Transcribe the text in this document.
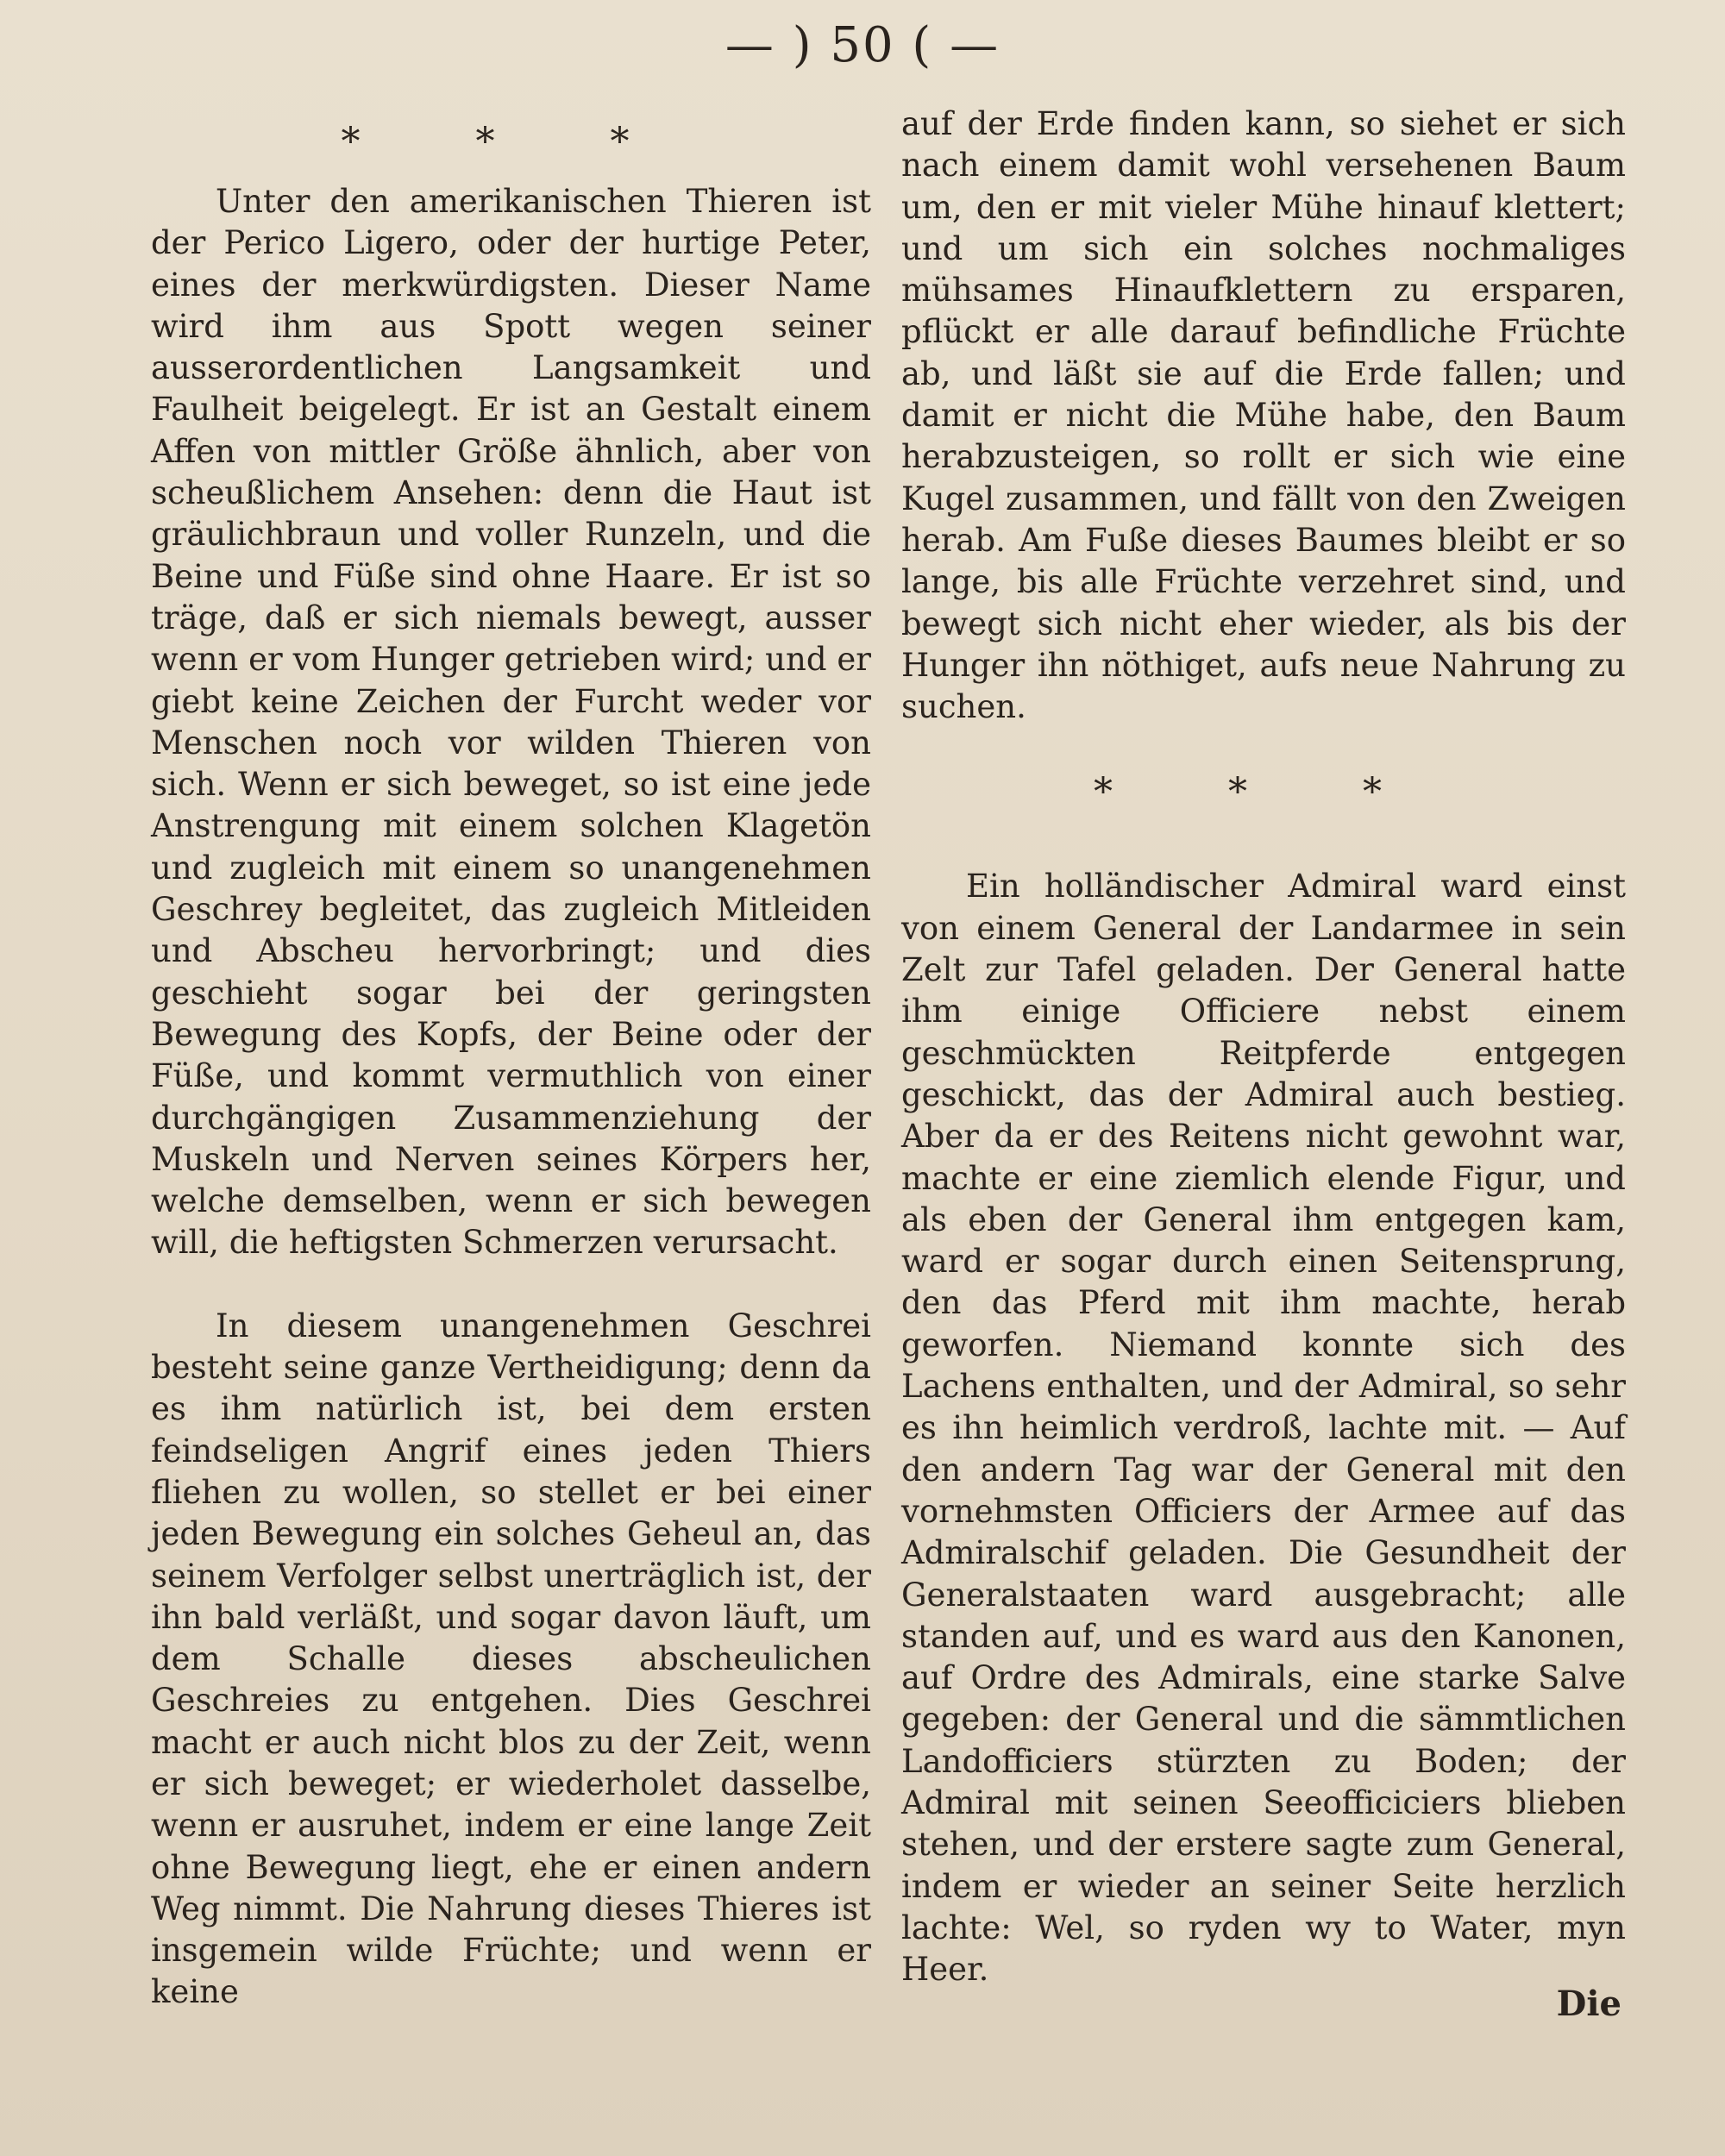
— ) 50 ( —
* * *

Unter den amerikanischen Thieren ist der Perico Ligero, oder der hurtige Peter, eines der merkwürdigsten. Dieser Name wird ihm aus Spott wegen seiner ausserordentlichen Langsamkeit und Faulheit beigelegt. Er ist an Gestalt einem Affen von mittler Größe ähnlich, aber von scheußlichem Ansehen: denn die Haut ist gräulichbraun und voller Runzeln, und die Beine und Füße sind ohne Haare. Er ist so träge, daß er sich niemals bewegt, ausser wenn er vom Hunger getrieben wird; und er giebt keine Zeichen der Furcht weder vor Menschen noch vor wilden Thieren von sich. Wenn er sich beweget, so ist eine jede Anstrengung mit einem solchen Klagetön und zugleich mit einem so unangenehmen Geschrey begleitet, das zugleich Mitleiden und Abscheu hervorbringt; und dies geschieht sogar bei der geringsten Bewegung des Kopfs, der Beine oder der Füße, und kommt vermuthlich von einer durchgängigen Zusammenziehung der Muskeln und Nerven seines Körpers her, welche demselben, wenn er sich bewegen will, die heftigsten Schmerzen verursacht.

In diesem unangenehmen Geschrei besteht seine ganze Vertheidigung; denn da es ihm natürlich ist, bei dem ersten feindseligen Angrif eines jeden Thiers fliehen zu wollen, so stellet er bei einer jeden Bewegung ein solches Geheul an, das seinem Verfolger selbst unerträglich ist, der ihn bald verläßt, und sogar davon läuft, um dem Schalle dieses abscheulichen Geschreies zu entgehen. Dies Geschrei macht er auch nicht blos zu der Zeit, wenn er sich beweget; er wiederholet dasselbe, wenn er ausruhet, indem er eine lange Zeit ohne Bewegung liegt, ehe er einen andern Weg nimmt. Die Nahrung dieses Thieres ist insgemein wilde Früchte; und wenn er keine

auf der Erde finden kann, so siehet er sich nach einem damit wohl versehenen Baum um, den er mit vieler Mühe hinauf klettert; und um sich ein solches nochmaliges mühsames Hinaufklettern zu ersparen, pflückt er alle darauf befindliche Früchte ab, und läßt sie auf die Erde fallen; und damit er nicht die Mühe habe, den Baum herabzusteigen, so rollt er sich wie eine Kugel zusammen, und fällt von den Zweigen herab. Am Fuße dieses Baumes bleibt er so lange, bis alle Früchte verzehret sind, und bewegt sich nicht eher wieder, als bis der Hunger ihn nöthiget, aufs neue Nahrung zu suchen.

* * *

Ein holländischer Admiral ward einst von einem General der Landarmee in sein Zelt zur Tafel geladen. Der General hatte ihm einige Officiere nebst einem geschmückten Reitpferde entgegen geschickt, das der Admiral auch bestieg. Aber da er des Reitens nicht gewohnt war, machte er eine ziemlich elende Figur, und als eben der General ihm entgegen kam, ward er sogar durch einen Seitensprung, den das Pferd mit ihm machte, herab geworfen. Niemand konnte sich des Lachens enthalten, und der Admiral, so sehr es ihn heimlich verdroß, lachte mit. — Auf den andern Tag war der General mit den vornehmsten Officiers der Armee auf das Admiralschif geladen. Die Gesundheit der Generalstaaten ward ausgebracht; alle standen auf, und es ward aus den Kanonen, auf Ordre des Admirals, eine starke Salve gegeben: der General und die sämmtlichen Landofficiers stürzten zu Boden; der Admiral mit seinen Seeofficiciers blieben stehen, und der erstere sagte zum General, indem er wieder an seiner Seite herzlich lachte: Wel, so ryden wy to Water, myn Heer.

Die
